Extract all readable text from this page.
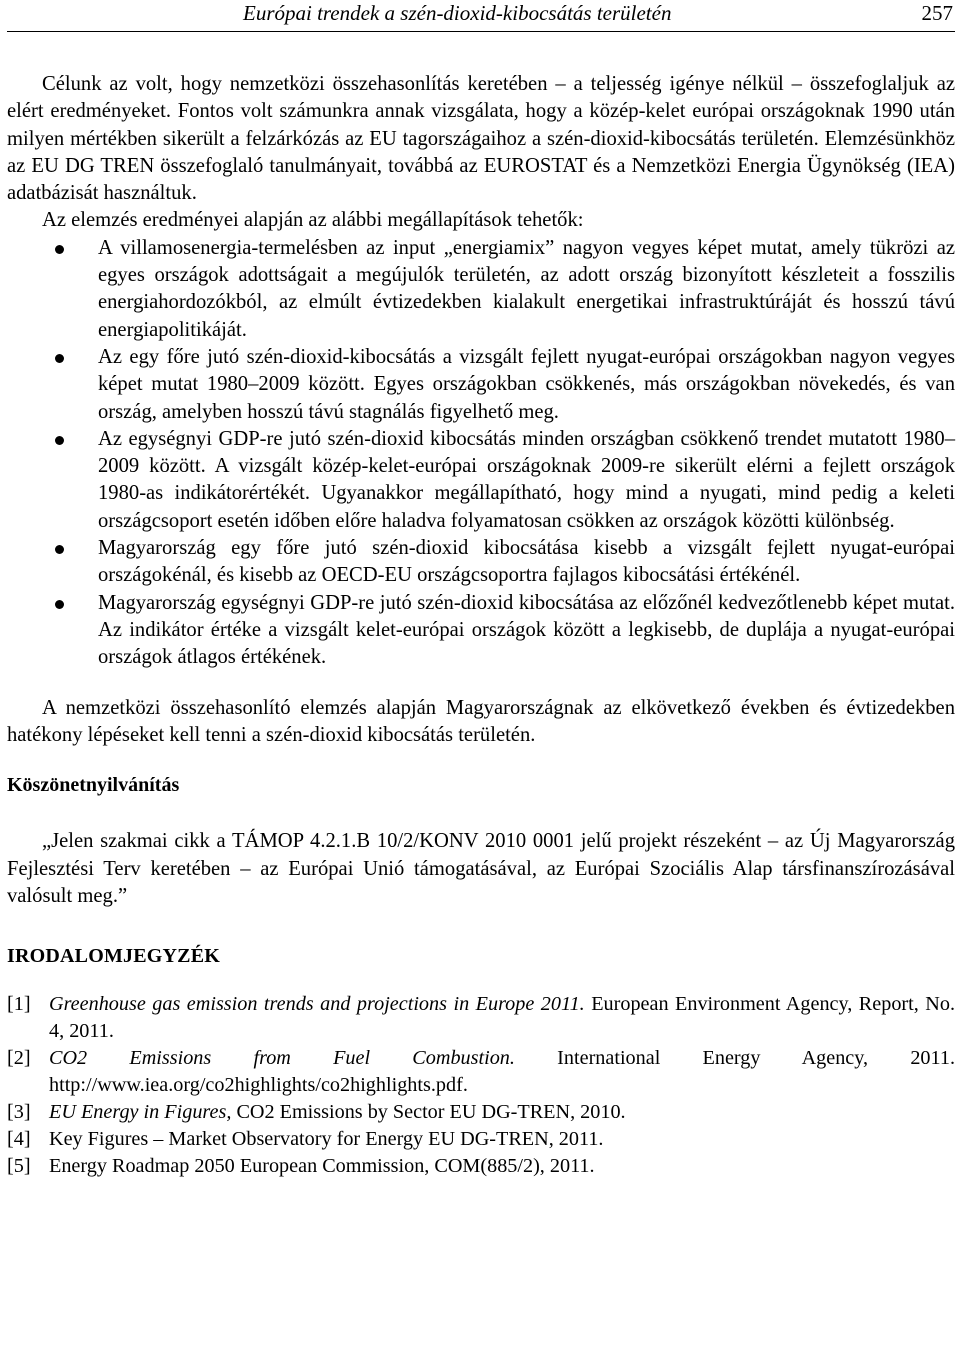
Európai trendek a szén-dioxid-kibocsátás területén	257

Célunk az volt, hogy nemzetközi összehasonlítás keretében – a teljesség igénye nélkül – összefoglaljuk az elért eredményeket. Fontos volt számunkra annak vizsgálata, hogy a közép-kelet európai országoknak 1990 után milyen mértékben sikerült a felzárkózás az EU tagországaihoz a szén-dioxid-kibocsátás területén. Elemzésünkhöz az EU DG TREN összefoglaló tanulmányait, továbbá az EUROSTAT és a Nemzetközi Energia Ügynökség (IEA) adatbázisát használtuk.

Az elemzés eredményei alapján az alábbi megállapítások tehetők:

A villamosenergia-termelésben az input „energiamix” nagyon vegyes képet mutat, amely tükrözi az egyes országok adottságait a megújulók területén, az adott ország bizonyított készleteit a fosszilis energiahordozókból, az elmúlt évtizedekben kialakult energetikai infrastruktúráját és hosszú távú energiapolitikáját.
Az egy főre jutó szén-dioxid-kibocsátás a vizsgált fejlett nyugat-európai országokban nagyon vegyes képet mutat 1980–2009 között. Egyes országokban csökkenés, más országokban növekedés, és van ország, amelyben hosszú távú stagnálás figyelhető meg.
Az egységnyi GDP-re jutó szén-dioxid kibocsátás minden országban csökkenő trendet mutatott 1980–2009 között. A vizsgált közép-kelet-európai országoknak 2009-re sikerült elérni a fejlett országok 1980-as indikátorértékét. Ugyanakkor megállapítható, hogy mind a nyugati, mind pedig a keleti országcsoport esetén időben előre haladva folyamatosan csökken az országok közötti különbség.
Magyarország egy főre jutó szén-dioxid kibocsátása kisebb a vizsgált fejlett nyugat-európai országokénál, és kisebb az OECD-EU országcsoportra fajlagos kibocsátási értékénél.
Magyarország egységnyi GDP-re jutó szén-dioxid kibocsátása az előzőnél kedvezőtlenebb képet mutat. Az indikátor értéke a vizsgált kelet-európai országok között a legkisebb, de duplája a nyugat-európai országok átlagos értékének.

A nemzetközi összehasonlító elemzés alapján Magyarországnak az elkövetkező években és évtizedekben hatékony lépéseket kell tenni a szén-dioxid kibocsátás területén.

Köszönetnyilvánítás

„Jelen szakmai cikk a TÁMOP 4.2.1.B 10/2/KONV 2010 0001 jelű projekt részeként – az Új Magyarország Fejlesztési Terv keretében – az Európai Unió támogatásával, az Európai Szociális Alap társfinanszírozásával valósult meg.”

IRODALOMJEGYZÉK
[1] Greenhouse gas emission trends and projections in Europe 2011. European Environment Agency, Report, No. 4, 2011.
[2] CO2 Emissions from Fuel Combustion. International Energy Agency, 2011. http://www.iea.org/co2highlights/co2highlights.pdf.
[3] EU Energy in Figures, CO2 Emissions by Sector EU DG-TREN, 2010.
[4] Key Figures – Market Observatory for Energy EU DG-TREN, 2011.
[5] Energy Roadmap 2050 European Commission, COM(885/2), 2011.
